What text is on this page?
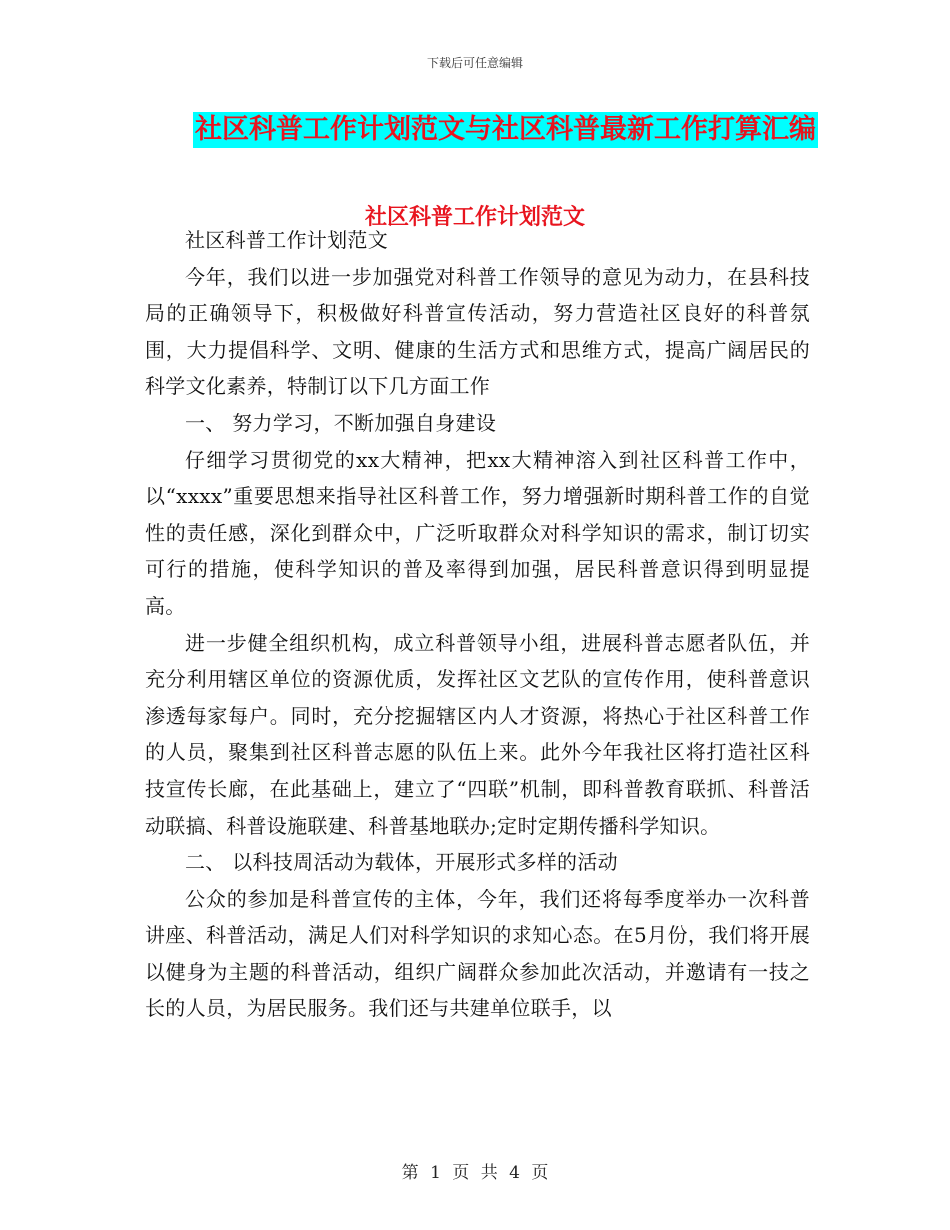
下载后可任意编辑
社区科普工作计划范文与社区科普最新工作打算汇编
社区科普工作计划范文

社区科普工作计划范文

今年，我们以进一步加强党对科普工作领导的意见为动力，在县科技局的正确领导下，积极做好科普宣传活动，努力营造社区良好的科普氛围，大力提倡科学、文明、健康的生活方式和思维方式，提高广阔居民的科学文化素养，特制订以下几方面工作

一、 努力学习，不断加强自身建设

仔细学习贯彻党的xx大精神，把xx大精神溶入到社区科普工作中，以“xxxx”重要思想来指导社区科普工作，努力增强新时期科普工作的自觉性的责任感，深化到群众中，广泛听取群众对科学知识的需求，制订切实可行的措施，使科学知识的普及率得到加强，居民科普意识得到明显提高。

进一步健全组织机构，成立科普领导小组，进展科普志愿者队伍，并充分利用辖区单位的资源优质，发挥社区文艺队的宣传作用，使科普意识渗透每家每户。同时，充分挖掘辖区内人才资源，将热心于社区科普工作的人员，聚集到社区科普志愿的队伍上来。此外今年我社区将打造社区科技宣传长廊，在此基础上，建立了“四联”机制，即科普教育联抓、科普活动联搞、科普设施联建、科普基地联办;定时定期传播科学知识。

二、 以科技周活动为载体，开展形式多样的活动

公众的参加是科普宣传的主体，今年，我们还将每季度举办一次科普讲座、科普活动，满足人们对科学知识的求知心态。在5月份，我们将开展以健身为主题的科普活动，组织广阔群众参加此次活动，并邀请有一技之长的人员，为居民服务。我们还与共建单位联手，以

第 1 页 共 4 页
